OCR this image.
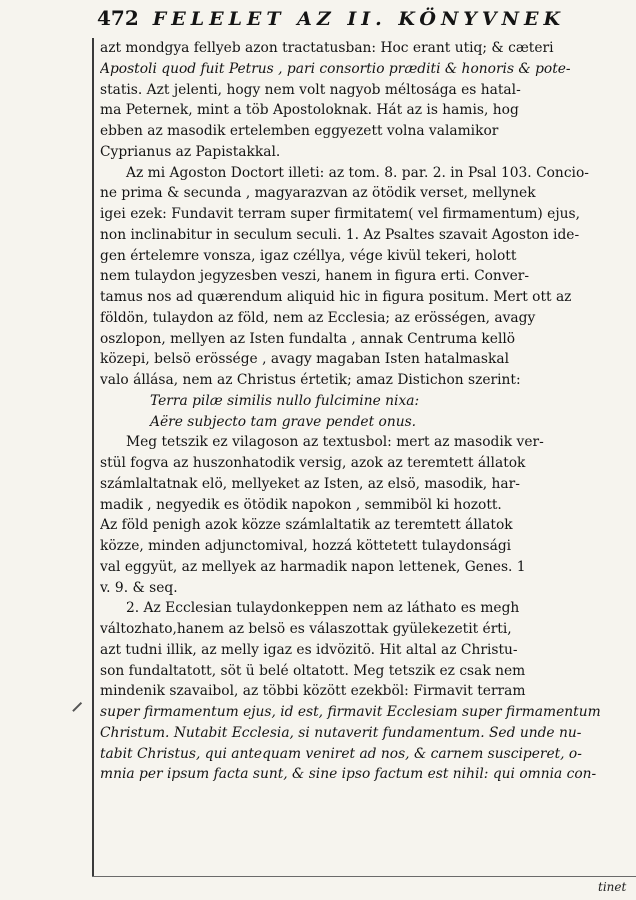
472 FELELET AZ II. KÖNYVNEK
azt mondgya fellyeb azon tractatusban: Hoc erant utiq; & cæteri
Apostoli quod fuit Petrus , pari consortio præditi & honoris & pote-
statis. Azt jelenti, hogy nem volt nagyob méltosága es hatal-
ma Peternek, mint a töb Apostoloknak. Hát az is hamis, hog
ebben az masodik ertelemben eggyezett volna valamikor
Cyprianus az Papistakkal.
Az mi Agoston Doctort illeti: az tom. 8. par. 2. in Psal 103. Concio-
ne prima & secunda , magyarazvan az ötödik verset, mellynek
igei ezek: Fundavit terram super firmitatem( vel firmamentum) ejus,
non inclinabitur in seculum seculi. 1. Az Psaltes szavait Agoston ide-
gen értelemre vonsza, igaz czéllya, vége kivül tekeri, holott
nem tulaydon jegyzesben veszi, hanem in figura erti. Conver-
tamus nos ad quærendum aliquid hic in figura positum. Mert ott az
földön, tulaydon az föld, nem az Ecclesia; az erösségen, avagy
oszlopon, mellyen az Isten fundalta , annak Centruma kellö
közepi, belsö erössége , avagy magaban Isten hatalmaskal
valo állása, nem az Christus értetik; amaz Distichon szerint:
Terra pilæ similis nullo fulcimine nixa:
Aëre subjecto tam grave pendet onus.
Meg tetszik ez vilagoson az textusbol: mert az masodik ver-
stül fogva az huszonhatodik versig, azok az teremtett állatok
számlaltatnak elö, mellyeket az Isten, az elsö, masodik, har-
madik , negyedik es ötödik napokon , semmiböl ki hozott.
Az föld penigh azok közze számlaltatik az teremtett állatok
közze, minden adjunctomival, hozzá köttetett tulaydonsági
val eggyüt, az mellyek az harmadik napon lettenek, Genes. 1
v. 9. & seq.
2. Az Ecclesian tulaydonkeppen nem az láthato es megh
változhato,hanem az belsö es válaszottak gyülekezetit érti,
azt tudni illik, az melly igaz es idvözitö. Hit altal az Christu-
son fundaltatott, söt ü belé oltatott. Meg tetszik ez csak nem
mindenik szavaibol, az többi között ezekböl: Firmavit terram
super firmamentum ejus, id est, firmavit Ecclesiam super firmamentum
Christum. Nutabit Ecclesia, si nutaverit fundamentum. Sed unde nu-
tabit Christus, qui antequam veniret ad nos, & carnem susciperet, o-
mnia per ipsum facta sunt, & sine ipso factum est nihil: qui omnia con-
tinet
